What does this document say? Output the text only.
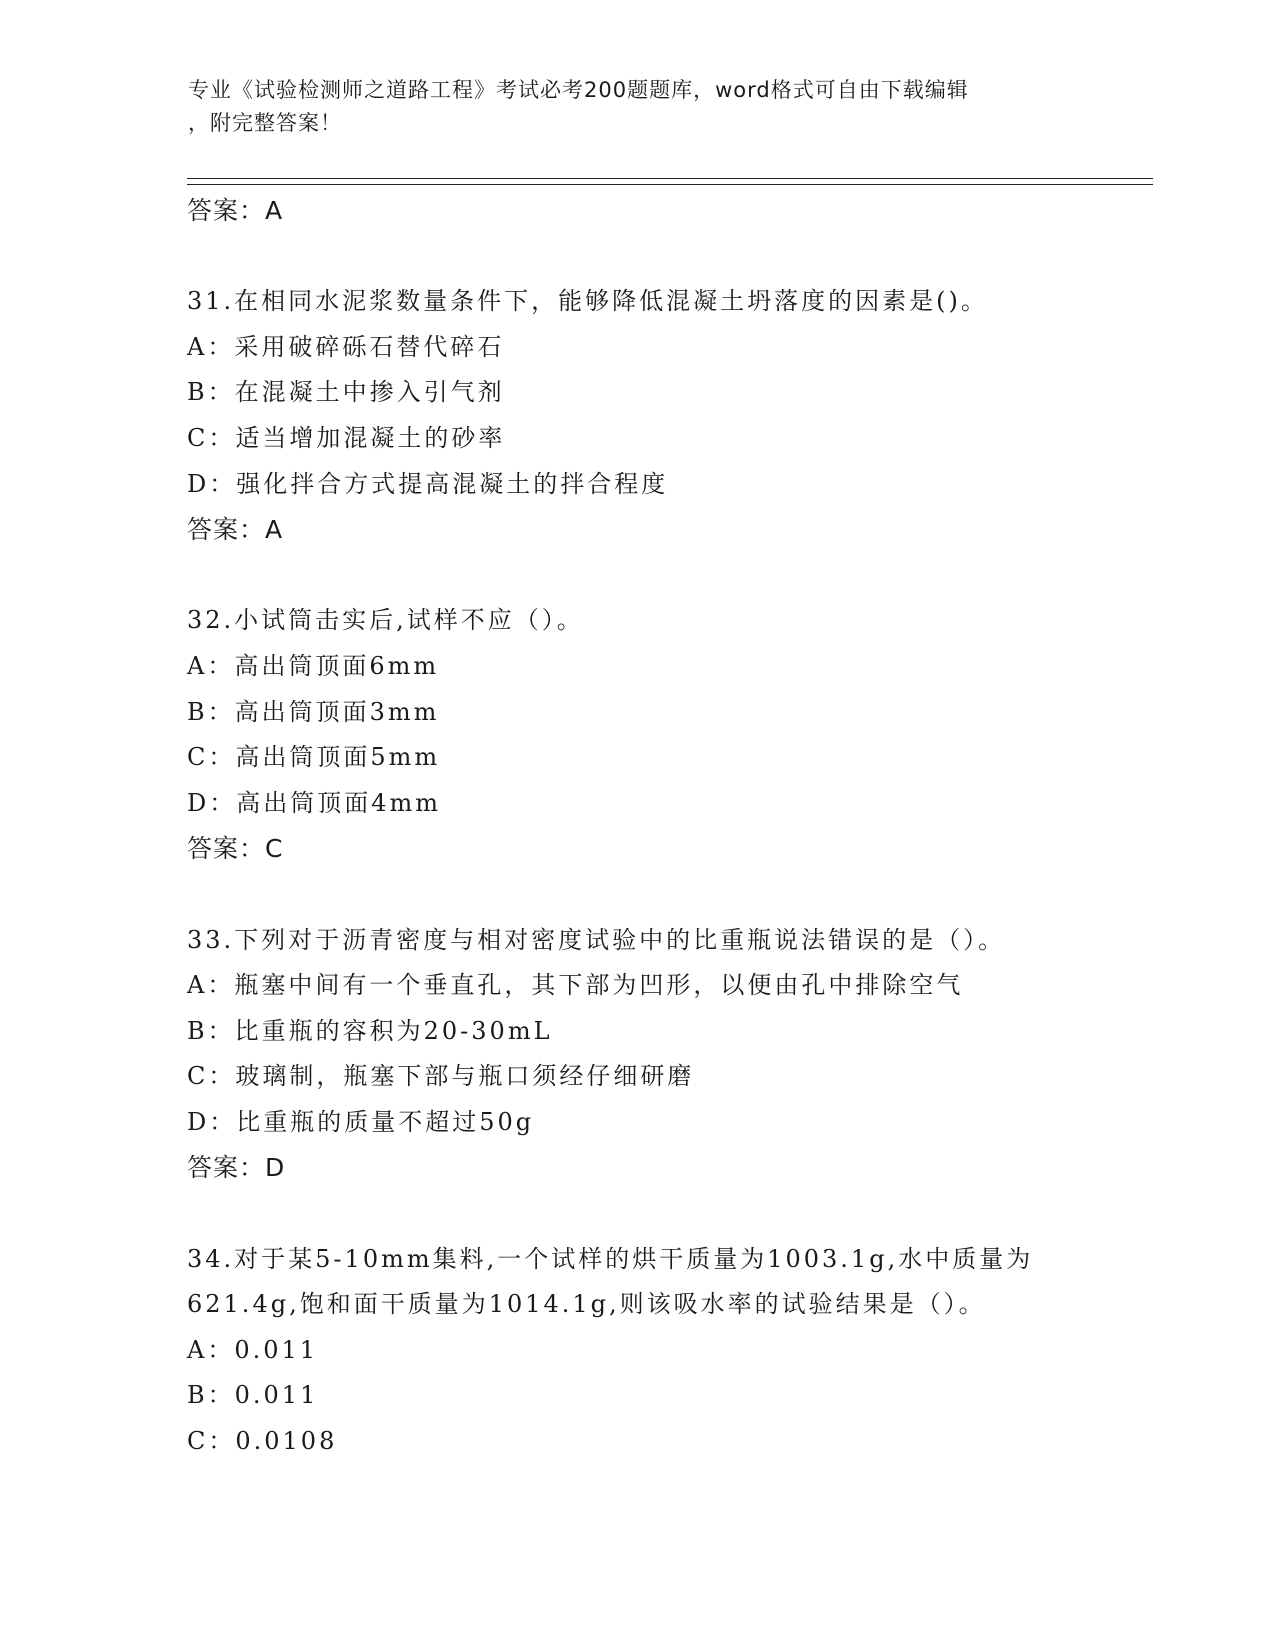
专业《试验检测师之道路工程》考试必考200题题库，word格式可自由下载编辑
，附完整答案！
答案：A
31.在相同水泥浆数量条件下，能够降低混凝土坍落度的因素是()。
A：采用破碎砾石替代碎石
B：在混凝土中掺入引气剂
C：适当增加混凝土的砂率
D：强化拌合方式提高混凝土的拌合程度
答案：A
32.小试筒击实后,试样不应（）。
A：高出筒顶面6mm
B：高出筒顶面3mm
C：高出筒顶面5mm
D：高出筒顶面4mm
答案：C
33.下列对于沥青密度与相对密度试验中的比重瓶说法错误的是（）。
A：瓶塞中间有一个垂直孔，其下部为凹形，以便由孔中排除空气
B：比重瓶的容积为20-30mL
C：玻璃制，瓶塞下部与瓶口须经仔细研磨
D：比重瓶的质量不超过50g
答案：D
34.对于某5-10mm集料,一个试样的烘干质量为1003.1g,水中质量为
621.4g,饱和面干质量为1014.1g,则该吸水率的试验结果是（）。
A：0.011
B：0.011
C：0.0108
